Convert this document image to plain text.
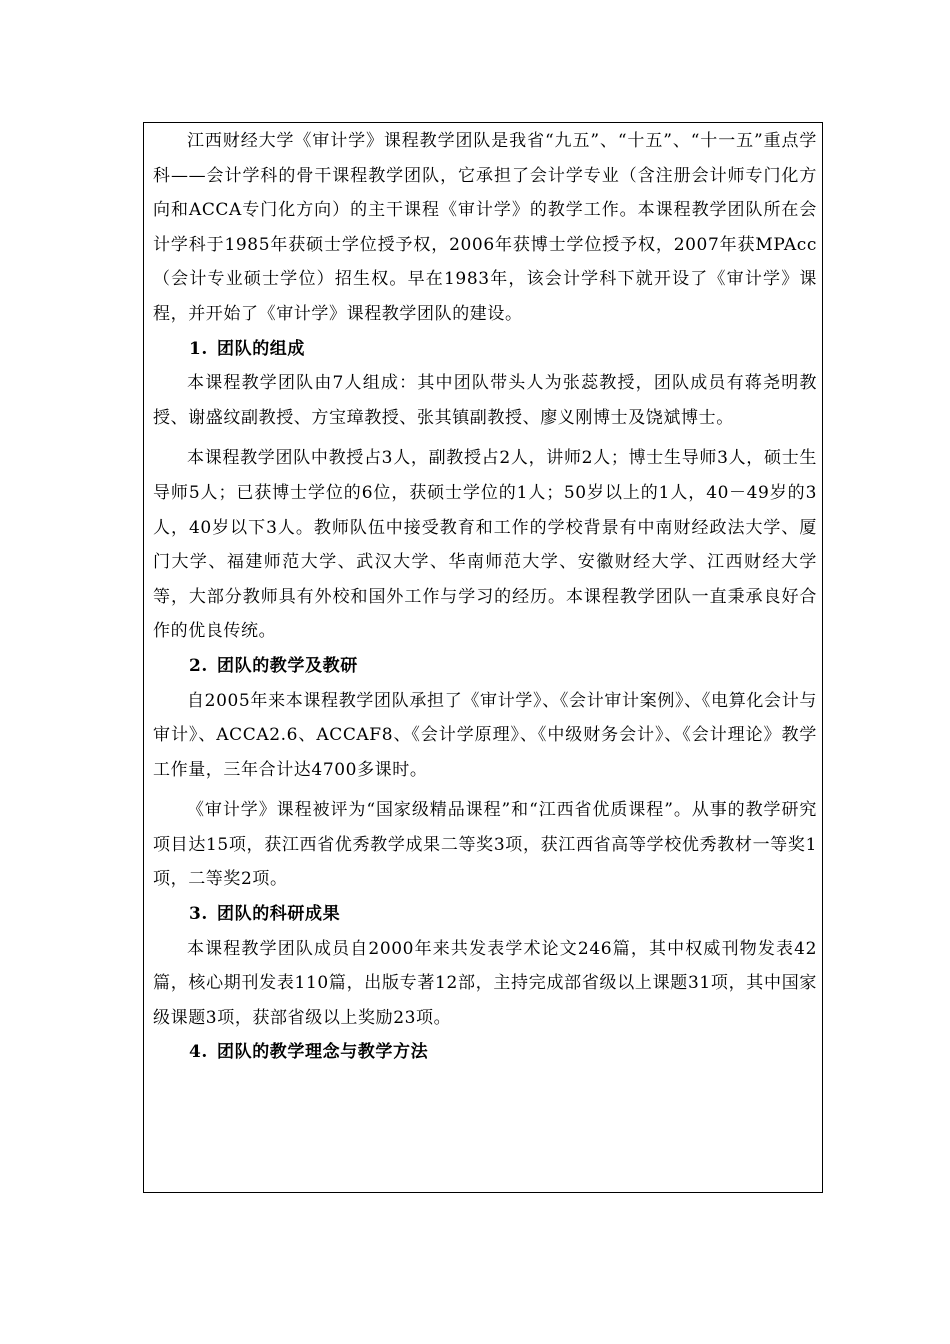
江西财经大学《审计学》课程教学团队是我省“九五”、“十五”、“十一五”重点学科——会计学科的骨干课程教学团队，它承担了会计学专业（含注册会计师专门化方向和ACCA专门化方向）的主干课程《审计学》的教学工作。本课程教学团队所在会计学科于1985年获硕士学位授予权，2006年获博士学位授予权，2007年获MPAcc（会计专业硕士学位）招生权。早在1983年，该会计学科下就开设了《审计学》课程，并开始了《审计学》课程教学团队的建设。

1. 团队的组成

本课程教学团队由7人组成：其中团队带头人为张蕊教授，团队成员有蒋尧明教授、谢盛纹副教授、方宝璋教授、张其镇副教授、廖义刚博士及饶斌博士。

本课程教学团队中教授占3人，副教授占2人，讲师2人；博士生导师3人，硕士生导师5人；已获博士学位的6位，获硕士学位的1人；50岁以上的1人，40－49岁的3人，40岁以下3人。教师队伍中接受教育和工作的学校背景有中南财经政法大学、厦门大学、福建师范大学、武汉大学、华南师范大学、安徽财经大学、江西财经大学等，大部分教师具有外校和国外工作与学习的经历。本课程教学团队一直秉承良好合作的优良传统。

2. 团队的教学及教研

自2005年来本课程教学团队承担了《审计学》、《会计审计案例》、《电算化会计与审计》、ACCA2.6、ACCAF8、《会计学原理》、《中级财务会计》、《会计理论》教学工作量，三年合计达4700多课时。

《审计学》课程被评为“国家级精品课程”和“江西省优质课程”。从事的教学研究项目达15项，获江西省优秀教学成果二等奖3项，获江西省高等学校优秀教材一等奖1项，二等奖2项。

3. 团队的科研成果

本课程教学团队成员自2000年来共发表学术论文246篇，其中权威刊物发表42篇，核心期刊发表110篇，出版专著12部，主持完成部省级以上课题31项，其中国家级课题3项，获部省级以上奖励23项。

4. 团队的教学理念与教学方法
